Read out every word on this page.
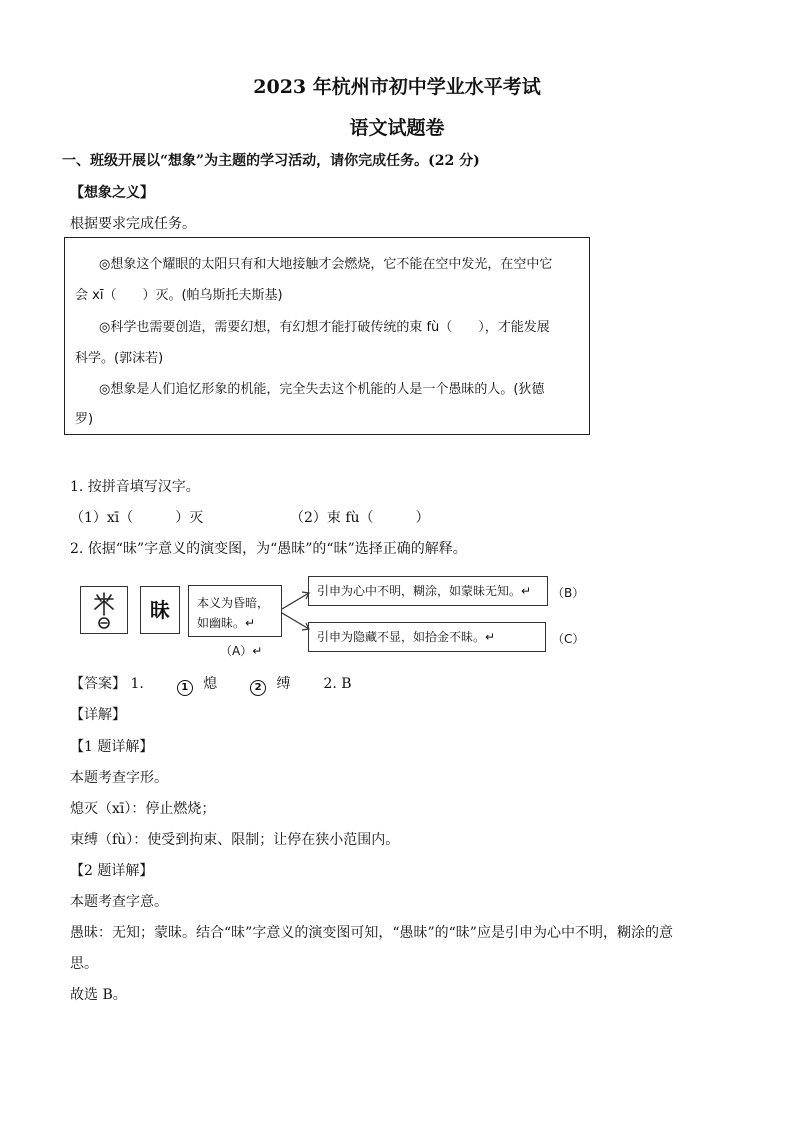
2023 年杭州市初中学业水平考试
语文试题卷
一、班级开展以“想象”为主题的学习活动，请你完成任务。(22 分)
【想象之义】
根据要求完成任务。
◎想象这个耀眼的太阳只有和大地接触才会燃烧，它不能在空中发光，在空中它
会 xī（　　）灭。(帕乌斯托夫斯基)
◎科学也需要创造，需要幻想，有幻想才能打破传统的束 fù（　　），才能发展
科学。(郭沫若)
◎想象是人们追忆形象的机能，完全失去这个机能的人是一个愚昧的人。(狄德
罗)
1. 按拼音填写汉字。
（1）xī（　　　）灭	（2）束 fù（　　　）
2. 依据“昧”字意义的演变图，为“愚昧”的“昧”选择正确的解释。
昧	本义为昏暗，
如幽昧。↵
（A）↵
引申为心中不明，糊涂，如蒙昧无知。↵	（B）
引申为隐藏不显，如拾金不昧。↵	（C）
【答案】 1.	1 熄	2 缚 2. B
【详解】
【1 题详解】
本题考查字形。
熄灭（xī）：停止燃烧；
束缚（fù）：使受到拘束、限制；让停在狭小范围内。
【2 题详解】
本题考查字意。
愚昧：无知；蒙昧。结合“昧”字意义的演变图可知，“愚昧”的“昧”应是引申为心中不明，糊涂的意
思。
故选 B。
